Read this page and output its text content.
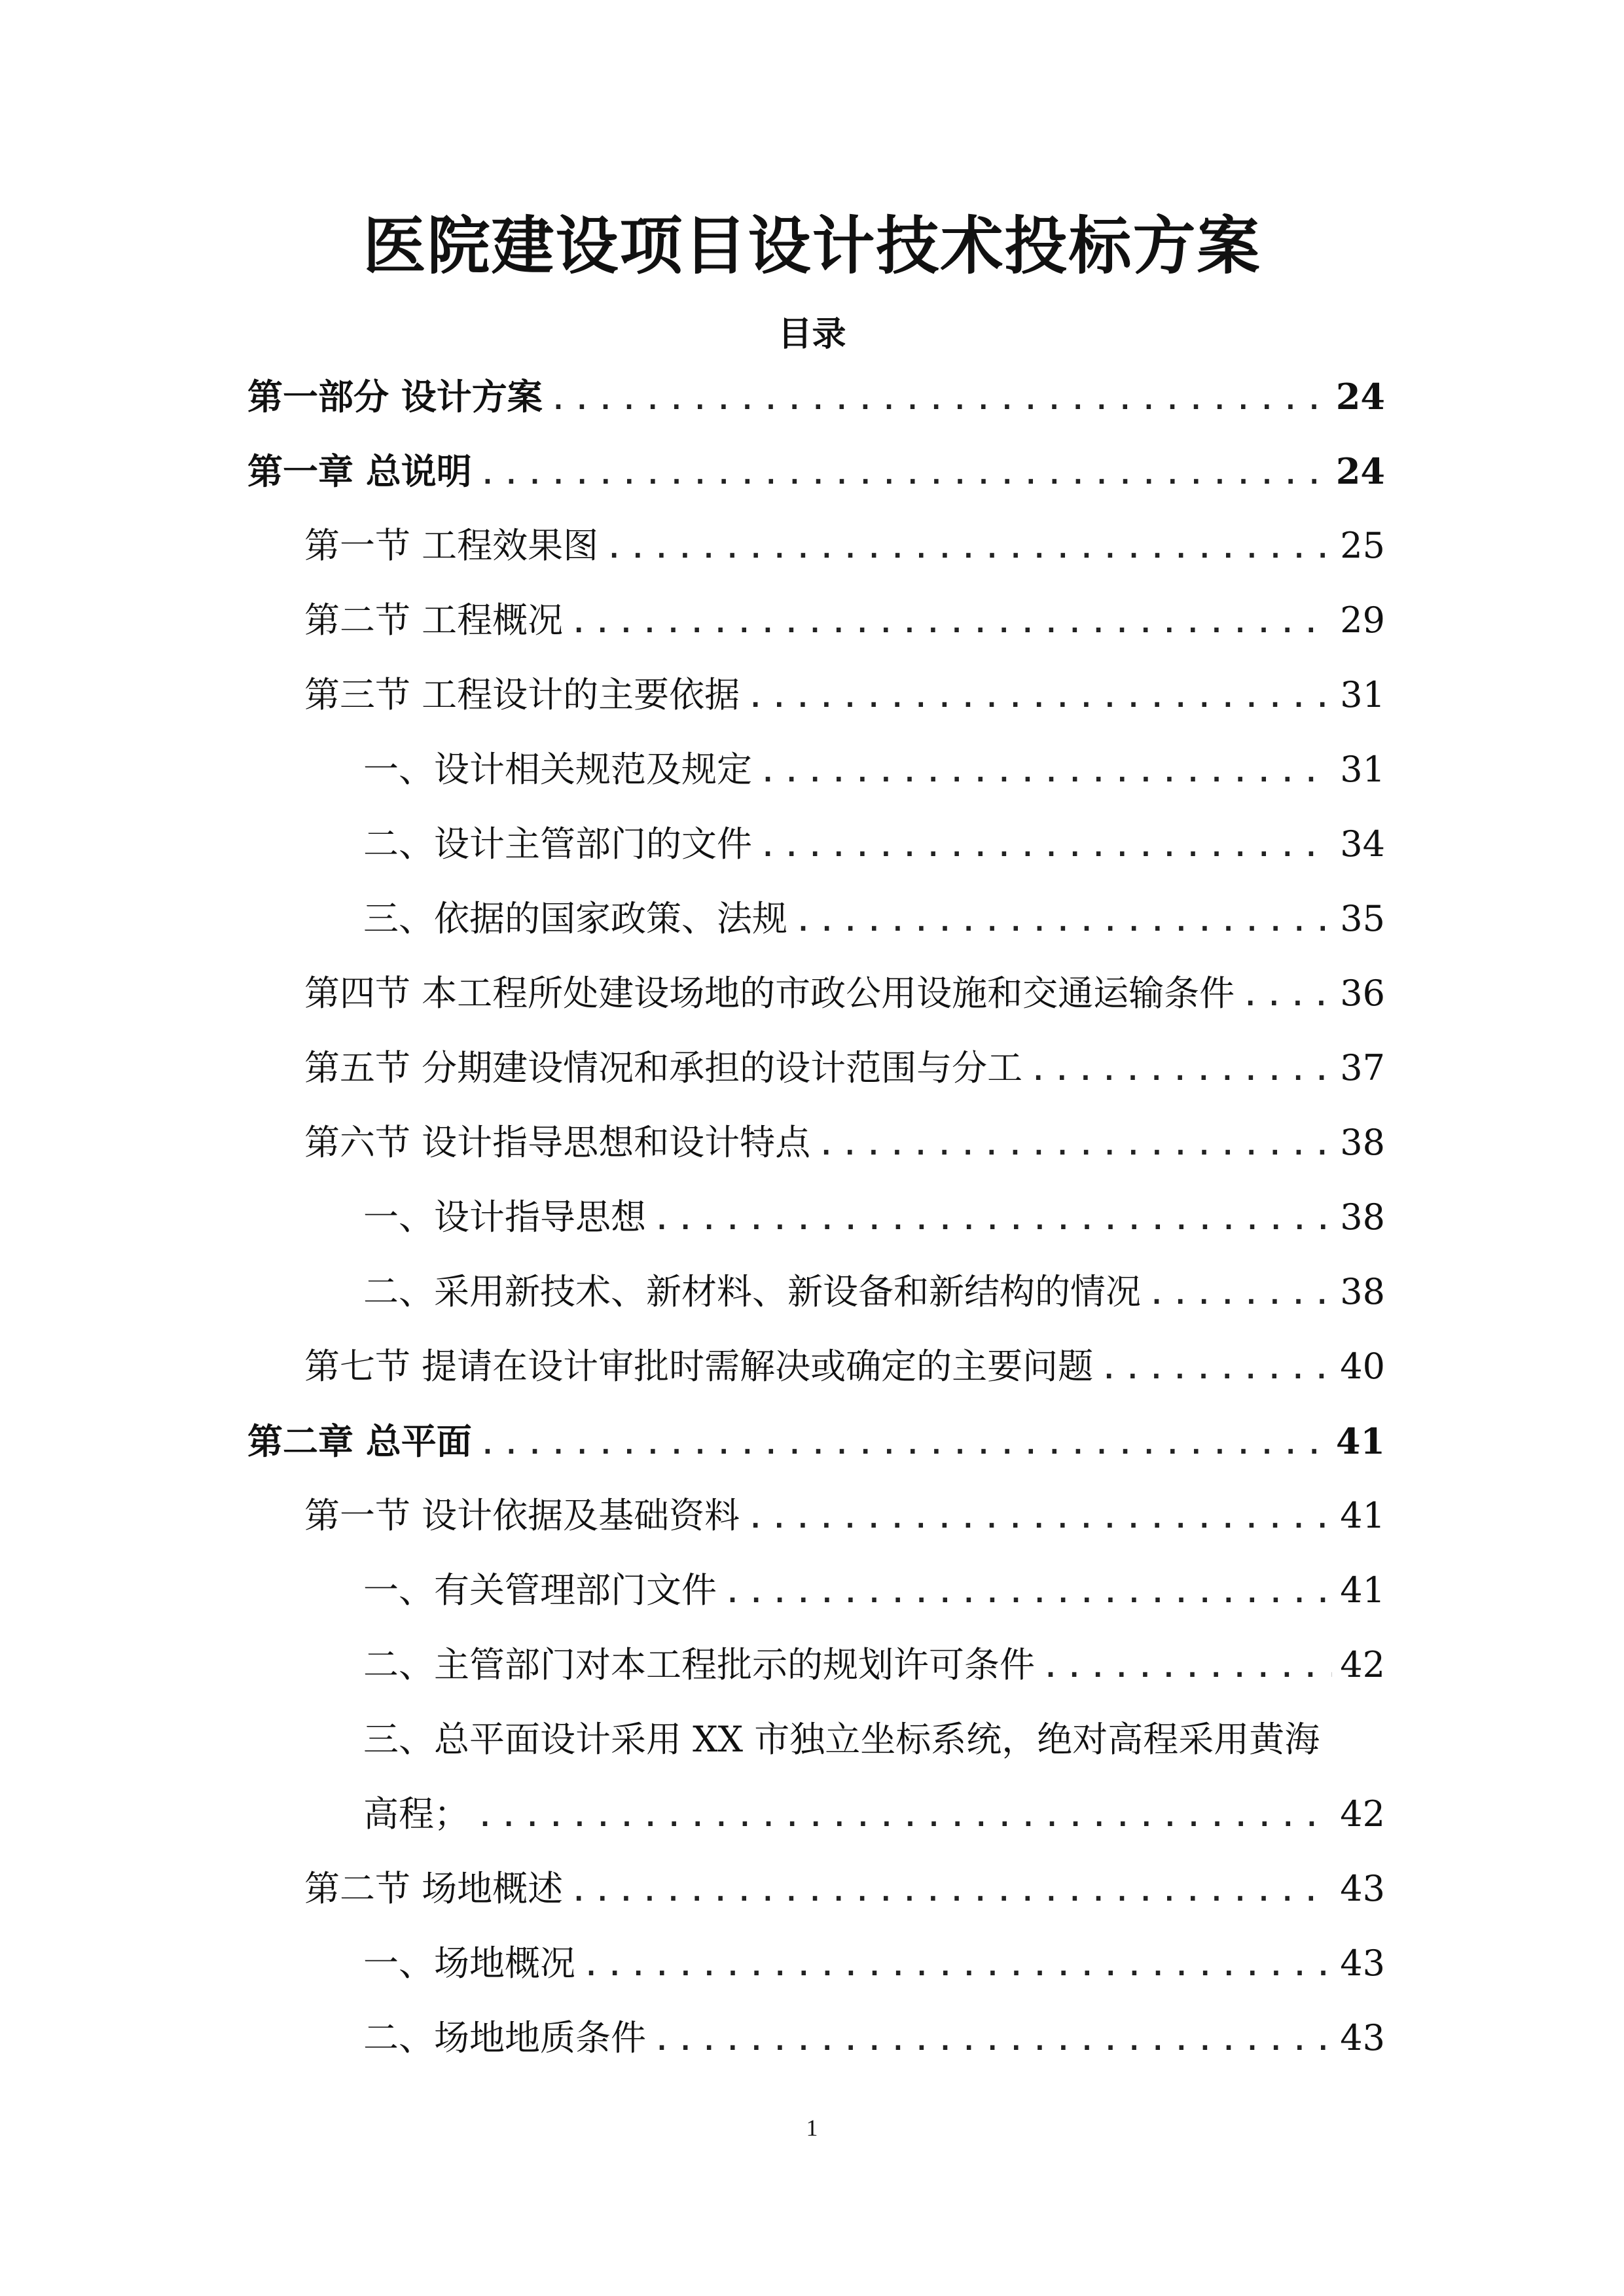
医院建设项目设计技术投标方案
目录
第一部分 设计方案 .....	24
第一章 总说明 .....	24
第一节 工程效果图 .....	25
第二节 工程概况 .....	29
第三节 工程设计的主要依据 .....	31
一、设计相关规范及规定 .....	31
二、设计主管部门的文件 .....	34
三、依据的国家政策、法规 .....	35
第四节 本工程所处建设场地的市政公用设施和交通运输条件 .....	36
第五节 分期建设情况和承担的设计范围与分工 .....	37
第六节 设计指导思想和设计特点 .....	38
一、设计指导思想 .....	38
二、采用新技术、新材料、新设备和新结构的情况 .....	38
第七节 提请在设计审批时需解决或确定的主要问题 .....	40
第二章 总平面 .....	41
第一节 设计依据及基础资料 .....	41
一、有关管理部门文件 .....	41
二、主管部门对本工程批示的规划许可条件 .....	42
三、总平面设计采用 XX 市独立坐标系统，绝对高程采用黄海
高程； .....	42
第二节 场地概述 .....	43
一、场地概况 .....	43
二、场地地质条件 .....	43
1
